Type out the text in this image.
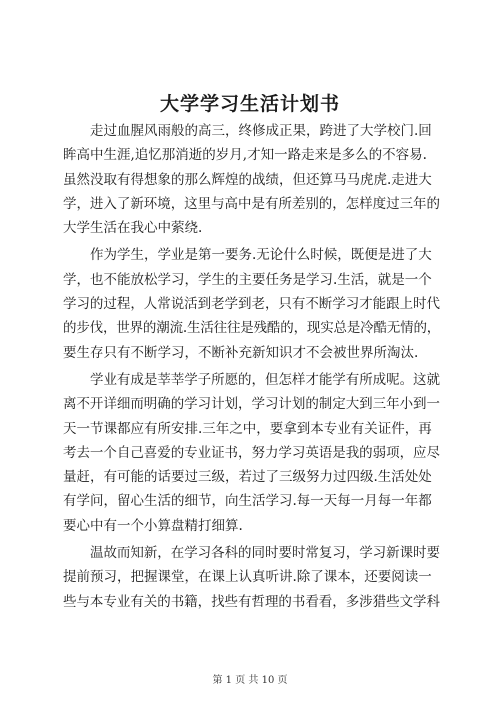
大学学习生活计划书
走过血腥风雨般的高三，终修成正果，跨进了大学校门.回
眸高中生涯,追忆那消逝的岁月,才知一路走来是多么的不容易.
虽然没取有得想象的那么辉煌的战绩，但还算马马虎虎.走进大
学，进入了新环境，这里与高中是有所差别的，怎样度过三年的
大学生活在我心中萦绕.
作为学生，学业是第一要务.无论什么时候，既便是进了大
学，也不能放松学习，学生的主要任务是学习.生活，就是一个
学习的过程，人常说活到老学到老，只有不断学习才能跟上时代
的步伐，世界的潮流.生活往往是残酷的，现实总是冷酷无情的，
要生存只有不断学习，不断补充新知识才不会被世界所淘汰.
学业有成是莘莘学子所愿的，但怎样才能学有所成呢。这就
离不开详细而明确的学习计划，学习计划的制定大到三年小到一
天一节课都应有所安排.三年之中，要拿到本专业有关证件，再
考去一个自己喜爱的专业证书，努力学习英语是我的弱项，应尽
量赶，有可能的话要过三级，若过了三级努力过四级.生活处处
有学问，留心生活的细节，向生活学习.每一天每一月每一年都
要心中有一个小算盘精打细算.
温故而知新，在学习各科的同时要时常复习，学习新课时要
提前预习，把握课堂，在课上认真听讲.除了课本，还要阅读一
些与本专业有关的书籍，找些有哲理的书看看，多涉猎些文学科
第 1 页 共 10 页
